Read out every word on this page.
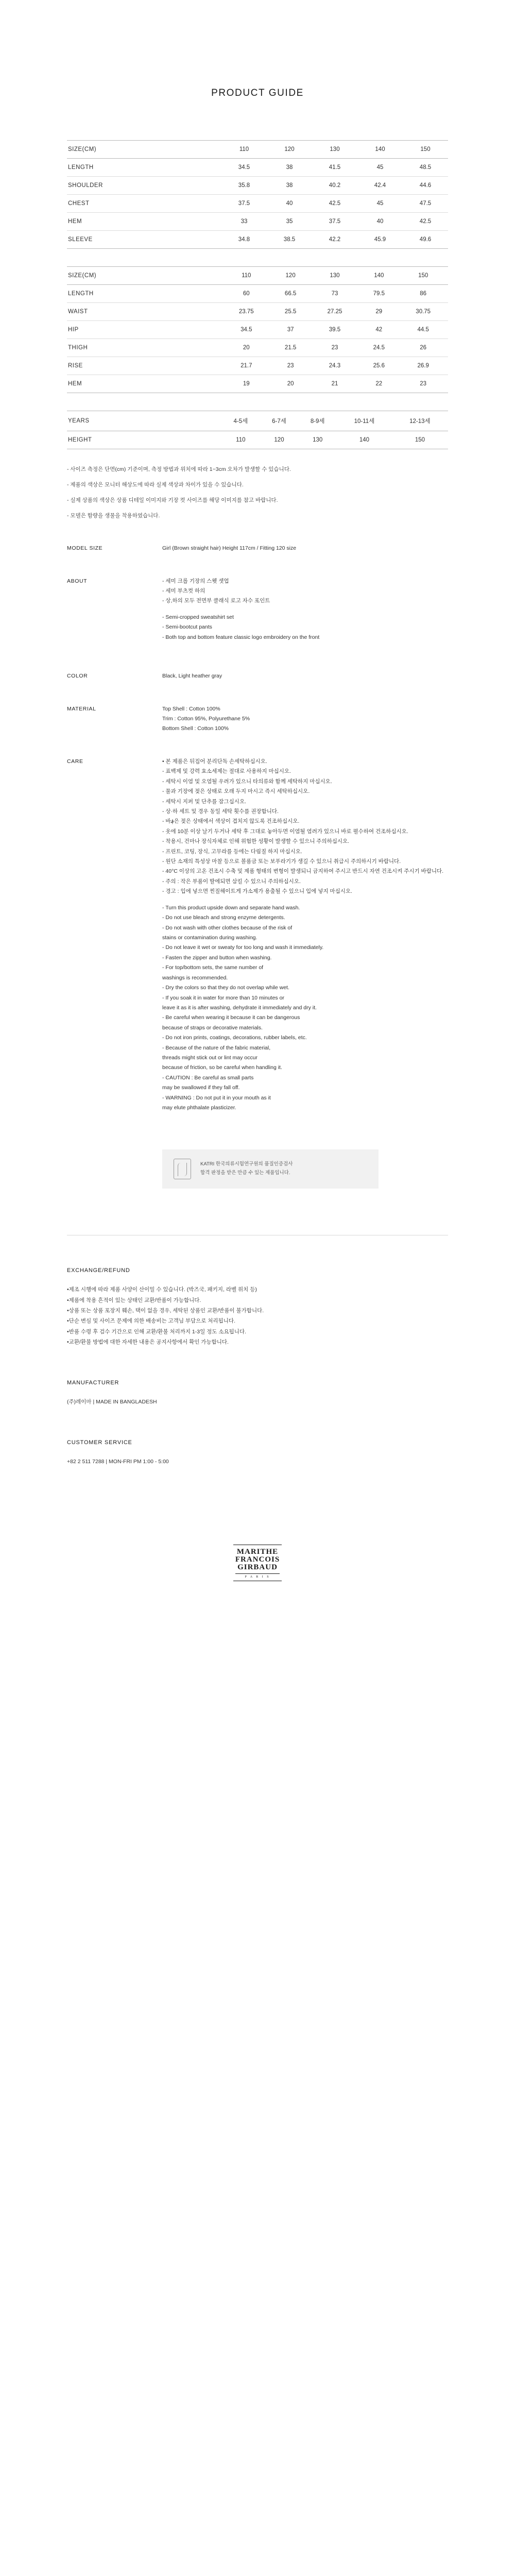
PRODUCT GUIDE
SIZE(CM)	110	120	130	140	150
LENGTH	34.5	38	41.5	45	48.5
SHOULDER	35.8	38	40.2	42.4	44.6
CHEST	37.5	40	42.5	45	47.5
HEM	33	35	37.5	40	42.5
SLEEVE	34.8	38.5	42.2	45.9	49.6
SIZE(CM)	110	120	130	140	150
LENGTH	60	66.5	73	79.5	86
WAIST	23.75	25.5	27.25	29	30.75
HIP	34.5	37	39.5	42	44.5
THIGH	20	21.5	23	24.5	26
RISE	21.7	23	24.3	25.6	26.9
HEM	19	20	21	22	23
YEARS	4-5세	6-7세	8-9세	10-11세	12-13세
HEIGHT	110	120	130	140	150

- 사이즈 측정은 단면(cm) 기준이며, 측정 방법과 위치에 따라 1~3cm 오차가 발생할 수 있습니다.

- 제품의 색상은 모니터 해상도에 따라 실제 색상과 차이가 있을 수 있습니다.

- 실제 상품의 색상은 상품 디테일 이미지와 기장 컷 사이즈를 해당 이미지를 참고 바랍니다.

- 모델은 함량을 생물을 착용하였습니다.

MODEL SIZE	Girl (Brown straight hair) Height 117cm / Fitting 120 size

ABOUT	- 세미 크롭 기장의 스웻 셋업

- 세미 부츠컷 하의

- 상,하의 모두 전면부 클래식 로고 자수 포인트

- Semi-cropped sweatshirt set

- Semi-bootcut pants

- Both top and bottom feature classic logo embroidery on the front

COLOR	Black, Light heather gray

MATERIAL	Top Shell : Cotton 100%

Trim : Cotton 95%, Polyurethane 5%

Bottom Shell : Cotton 100%

CARE	• 본 제품은 뒤집어 분리단독 손세탁하십시오.

- 표백제 및 강력 효소세제는 절대로 사용하지 마십시오.

- 세탁시 이염 및 오염될 우려가 있으니 타의류와 함께 세탁하지 마십시오.

- 물과 기장에 젖은 상태로 오래 두지 마시고 즉시 세탁하십시오.

- 세탁시 지퍼 및 단추를 잠그십시오.

- 상·하 세트 및 경우 동일 세탁 횟수를 권장합니다.

- 바؋은 젖은 상태에서 색상이 겹치지 않도록 건조하십시오.

- 옷에 10분 이상 날기 두거나 세탁 후 그대로 놓아두면 이염될 염려가 있으니 바로 펼수하여 건조하십시오.

- 착용시, 건마나 장식자체로 인해 위험한 성황이 발생할 수 있으니 주의하십시오.

- 프린트, 코팅, 장식, 고무라를 등에는 다림질 하지 마십시오.

- 원단 소재의 특성상 마찰 등으로 볼품금 또는 보푸라기가 생길 수 있으니 취급시 주의하시기 바랍니다.

- 40°C 이상의 고온 건조시 수축 및 제품 형태의 변형이 발생되니 금지하여 주시고 반드시 자연 건조시켜 주시기 바랍니다.

- 주의 : 작은 부품이 딸에되면 삼킬 수 있으니 주의하십시오.

- 경고 : 입에 넣으면 찐질해이트게 가소제가 용출될 수 있으니 입에 넣지 마십시오.

- Turn this product upside down and separate hand wash.

- Do not use bleach and strong enzyme detergents.

- Do not wash with other clothes because of the risk of

stains or contamination during washing.

- Do not leave it wet or sweaty for too long and wash it immediately.

- Fasten the zipper and button when washing.

- For top/bottom sets, the same number of

washings is recommended.

- Dry the colors so that they do not overlap while wet.

- If you soak it in water for more than 10 minutes or

leave it as it is after washing, dehydrate it immediately and dry it.

- Be careful when wearing it because it can be dangerous

because of straps or decorative materials.

- Do not iron prints, coatings, decorations, rubber labels, etc.

- Because of the nature of the fabric material,

threads might stick out or lint may occur

because of friction, so be careful when handling it.

- CAUTION : Be careful as small parts

may be swallowed if they fall off.

- WARNING : Do not put it in your mouth as it

may elute phthalate plasticizer.

KATRI 한국의류시험연구원의 품질인증검사
합격 판정을 받은 만큼 수 있는 제품입니다.
EXCHANGE/REFUND

•제조 시행에 따라 제품 사양이 산이밀 수 있습니다. (박즈국, 패키지, 라벨 위치 등)

•제품에 착용 흔적이 있는 상태인 교환/반품이 가능합니다.

•상품 또는 상품 포장지 훼손, 택이 없을 경우, 세탁된 상품인 교환/반품이 불가합니다.

•단순 변심 및 사이즈 문제에 의한 배송비는 고객님 부담으로 처리됩니다.

•반품 수령 후 검수 기간으로 인해 교환/환불 처리까지 1-3일 정도 소요됩니다.

•교환/환불 방법에 대한 자세한 내용은 공지사항에서 확인 가능합니다.

MANUFACTURER

(주)레이마 | MADE IN BANGLADESH

CUSTOMER SERVICE

+82 2 511 7288 | MON-FRI PM 1:00 - 5:00

MARITHE
FRANCOIS
GIRBAUD
P A R I S
